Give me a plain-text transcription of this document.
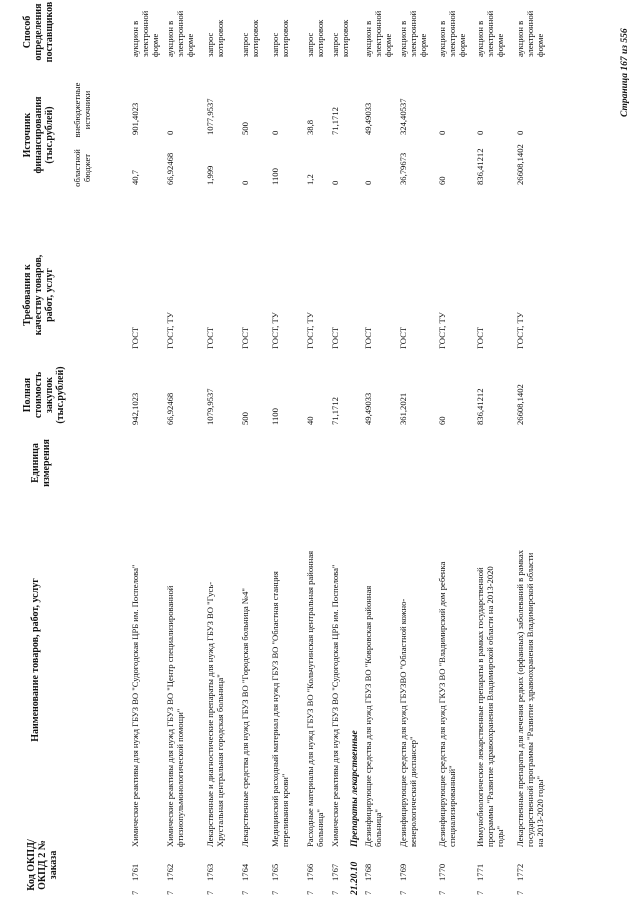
Код ОКПД/ ОКПД 2 № заказа
Наименование товаров, работ, услуг
Единица измерения
Полная стоимость закупок (тыс.рублей)
Требования к качеству товаров, работ, услуг
Источник финансирования (тыс.рублей)
областной бюджет
внебюджетные источники
Способ определения поставщиков
7
1761
Химические реактивы для нужд ГБУЗ ВО "Судогодская ЦРБ им. Поспелова"
942,1023
ГОСТ
40,7
901,4023
аукцион в электронной форме
7
1762
Химические реактивы для нужд ГБУЗ ВО "Центр специализированной фтизиопульмонологической помощи"
66,92468
ГОСТ, ТУ
66,92468
0
аукцион в электронной форме
7
1763
Лекарственные и диагностические препараты для нужд ГБУЗ ВО "Гусь-Хрустальная центральная городская больница"
1079,9537
ГОСТ
1,999
1077,9537
запрос котировок
7
1764
Лекарственные средства для нужд ГБУЗ ВО "Городская больница №4"
500
ГОСТ
0
500
запрос котировок
7
1765
Медицинский расходный материал для нужд ГБУЗ ВО "Областная станция переливания крови"
1100
ГОСТ, ТУ
1100
0
запрос котировок
7
1766
Расходные материалы для нужд ГБУЗ ВО "Кольчугинская центральная районная больница"
40
ГОСТ, ТУ
1,2
38,8
запрос котировок
7
1767
Химические реактивы для нужд ГБУЗ ВО "Судогодская ЦРБ им. Поспелова"
71,1712
ГОСТ
0
71,1712
запрос котировок
21.20.10
Препараты лекарственные
7
1768
Дезинфицирующие средства для нужд ГБУЗ ВО "Ковровская районная больница"
49,49033
ГОСТ
0
49,49033
аукцион в электронной форме
7
1769
Дезинфицирующие средства для нужд ГБУЗВО "Областной кожно-венерологический диспансер"
361,2021
ГОСТ
36,79673
324,40537
аукцион в электронной форме
7
1770
Дезинфицирующие средства для нужд ГКУЗ ВО "Владимирский дом ребенка специализированный"
60
ГОСТ, ТУ
60
0
аукцион в электронной форме
7
1771
Иммунобиологические лекарственные препараты в рамках государственной программы "Развитие здравоохранения Владимирской области на 2013-2020 годы"
836,41212
ГОСТ
836,41212
0
аукцион в электронной форме
7
1772
Лекарственные препараты для лечения редких (орфанных) заболеваний в рамках государственной программы "Развитие здравоохранения Владимирской области на 2013-2020 годы"
26608,1402
ГОСТ, ТУ
26608,1402
0
аукцион в электронной форме	Страница 167 из 556
